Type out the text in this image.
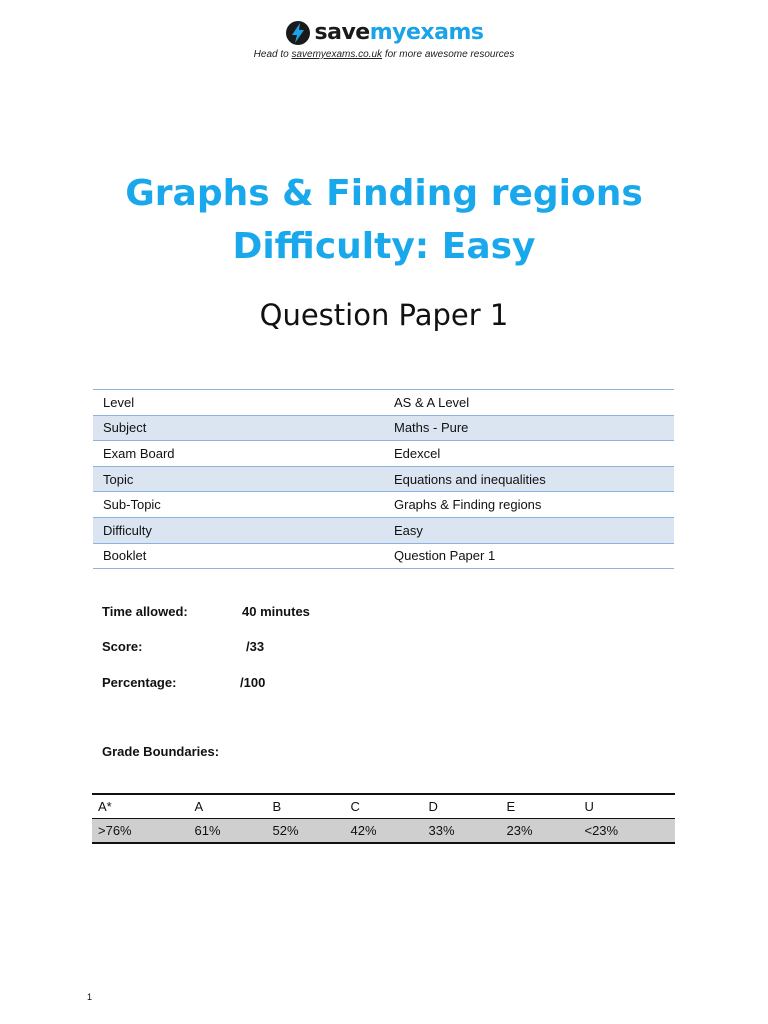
savemyexams
Head to savemyexams.co.uk for more awesome resources
Graphs & Finding regions
Difficulty: Easy
Question Paper 1
Level	AS & A Level
Subject	Maths - Pure
Exam Board	Edexcel
Topic	Equations and inequalities
Sub-Topic	Graphs & Finding regions
Difficulty	Easy
Booklet	Question Paper 1
Time allowed:	40 minutes
Score:	/33
Percentage:	/100
Grade Boundaries:
A*	A	B	C	D	E	U
>76%	61%	52%	42%	33%	23%	<23%
1
